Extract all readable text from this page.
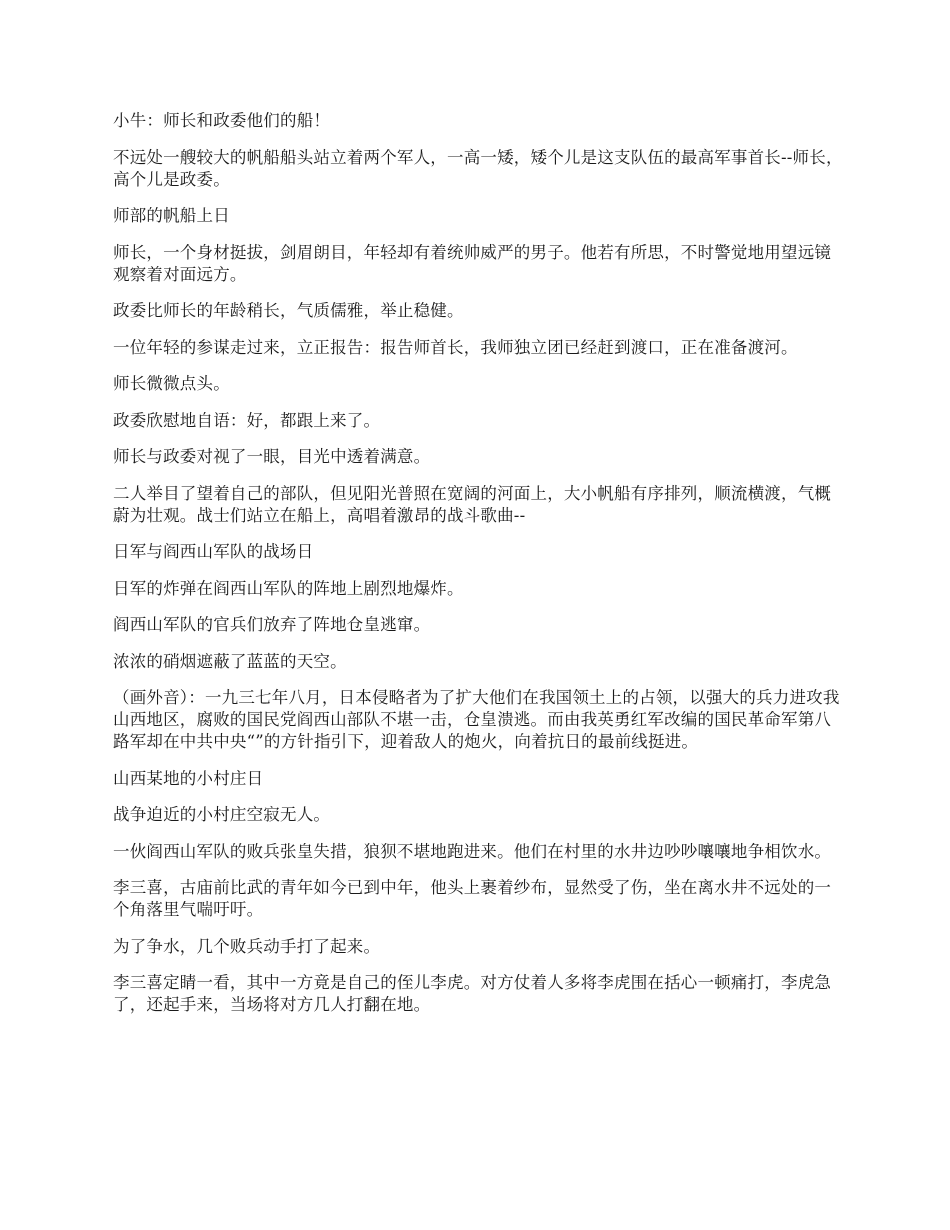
小牛：师长和政委他们的船！

不远处一艘较大的帆船船头站立着两个军人，一高一矮，矮个儿是这支队伍的最高军事首长--师长，高个儿是政委。

师部的帆船上日

师长，一个身材挺拔，剑眉朗目，年轻却有着统帅威严的男子。他若有所思，不时警觉地用望远镜观察着对面远方。

政委比师长的年龄稍长，气质儒雅，举止稳健。

一位年轻的参谋走过来，立正报告：报告师首长，我师独立团已经赶到渡口，正在准备渡河。

师长微微点头。

政委欣慰地自语：好，都跟上来了。

师长与政委对视了一眼，目光中透着满意。

二人举目了望着自己的部队，但见阳光普照在宽阔的河面上，大小帆船有序排列，顺流横渡，气概蔚为壮观。战士们站立在船上，高唱着激昂的战斗歌曲--

日军与阎西山军队的战场日

日军的炸弹在阎西山军队的阵地上剧烈地爆炸。

阎西山军队的官兵们放弃了阵地仓皇逃窜。

浓浓的硝烟遮蔽了蓝蓝的天空。

（画外音）：一九三七年八月，日本侵略者为了扩大他们在我国领土上的占领，以强大的兵力进攻我山西地区，腐败的国民党阎西山部队不堪一击，仓皇溃逃。而由我英勇红军改编的国民革命军第八路军却在中共中央“”的方针指引下，迎着敌人的炮火，向着抗日的最前线挺进。

山西某地的小村庄日

战争迫近的小村庄空寂无人。

一伙阎西山军队的败兵张皇失措，狼狈不堪地跑进来。他们在村里的水井边吵吵嚷嚷地争相饮水。

李三喜，古庙前比武的青年如今已到中年，他头上裹着纱布，显然受了伤，坐在离水井不远处的一个角落里气喘吁吁。

为了争水，几个败兵动手打了起来。

李三喜定睛一看，其中一方竟是自己的侄儿李虎。对方仗着人多将李虎围在括心一顿痛打，李虎急了，还起手来，当场将对方几人打翻在地。
